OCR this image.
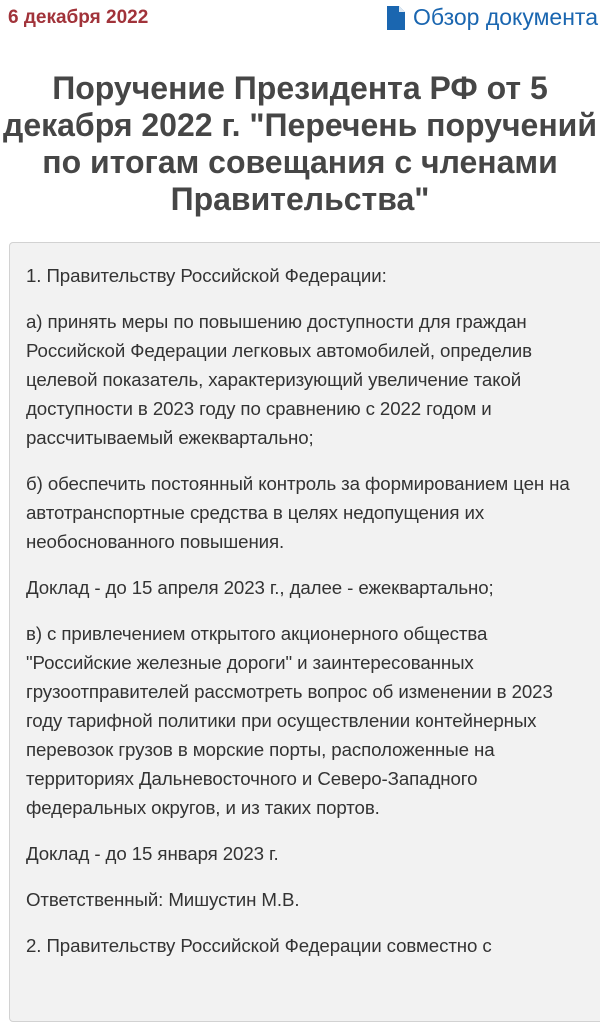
6 декабря 2022	Обзор документа
Поручение Президента РФ от 5 декабря 2022 г. "Перечень поручений по итогам совещания с членами Правительства"

1. Правительству Российской Федерации:

а) принять меры по повышению доступности для граждан Российской Федерации легковых автомобилей, определив целевой показатель, характеризующий увеличение такой доступности в 2023 году по сравнению с 2022 годом и рассчитываемый ежеквартально;

б) обеспечить постоянный контроль за формированием цен на автотранспортные средства в целях недопущения их необоснованного повышения.

Доклад - до 15 апреля 2023 г., далее - ежеквартально;

в) с привлечением открытого акционерного общества "Российские железные дороги" и заинтересованных грузоотправителей рассмотреть вопрос об изменении в 2023 году тарифной политики при осуществлении контейнерных перевозок грузов в морские порты, расположенные на территориях Дальневосточного и Северо-Западного федеральных округов, и из таких портов.

Доклад - до 15 января 2023 г.

Ответственный: Мишустин М.В.

2. Правительству Российской Федерации совместно с
